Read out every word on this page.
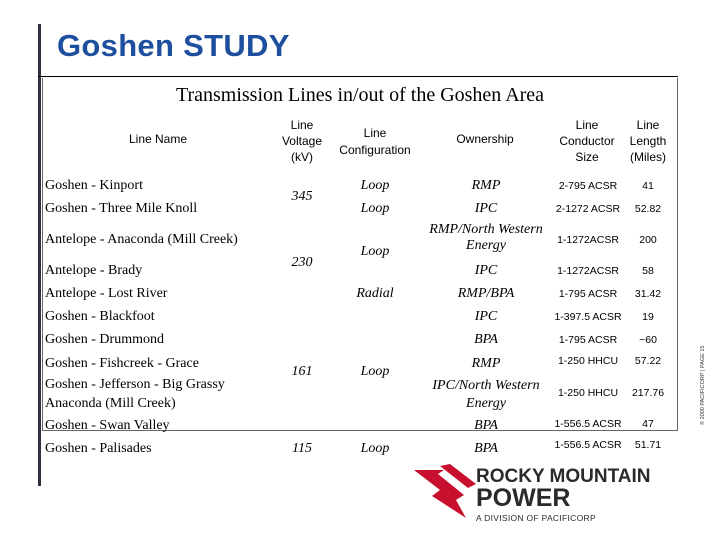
Goshen STUDY
Transmission Lines in/out of the Goshen Area
Line Name
Line
Voltage
(kV)
Line
Configuration
Ownership
Line
Conductor
Size
Line
Length
(Miles)
Goshen - Kinport
Goshen - Three Mile Knoll
Antelope - Anaconda (Mill Creek)
Antelope - Brady
Antelope - Lost River
Goshen - Blackfoot
Goshen - Drummond
Goshen - Fishcreek - Grace
Goshen - Jefferson - Big Grassy
Anaconda (Mill Creek)
Goshen - Swan Valley
Goshen - Palisades
345
230
161
115
Loop
Loop
Loop
Radial
Loop
Loop
RMP
IPC
RMP/North Western Energy
IPC
RMP/BPA
IPC
BPA
RMP
IPC/North Western Energy
BPA
BPA
2-795 ACSR
2-1272 ACSR
1-1272ACSR
1-1272ACSR
1-795 ACSR
1-397.5 ACSR
1-795 ACSR
1-250 HHCU
1-250 HHCU
1-556.5 ACSR
1-556.5 ACSR
41
52.82
200
58
31.42
19
~60
57.22
217.76
47
51.71
© 2000 PACIFICORP | PAGE 15
ROCKY MOUNTAIN
POWER
A DIVISION OF PACIFICORP
